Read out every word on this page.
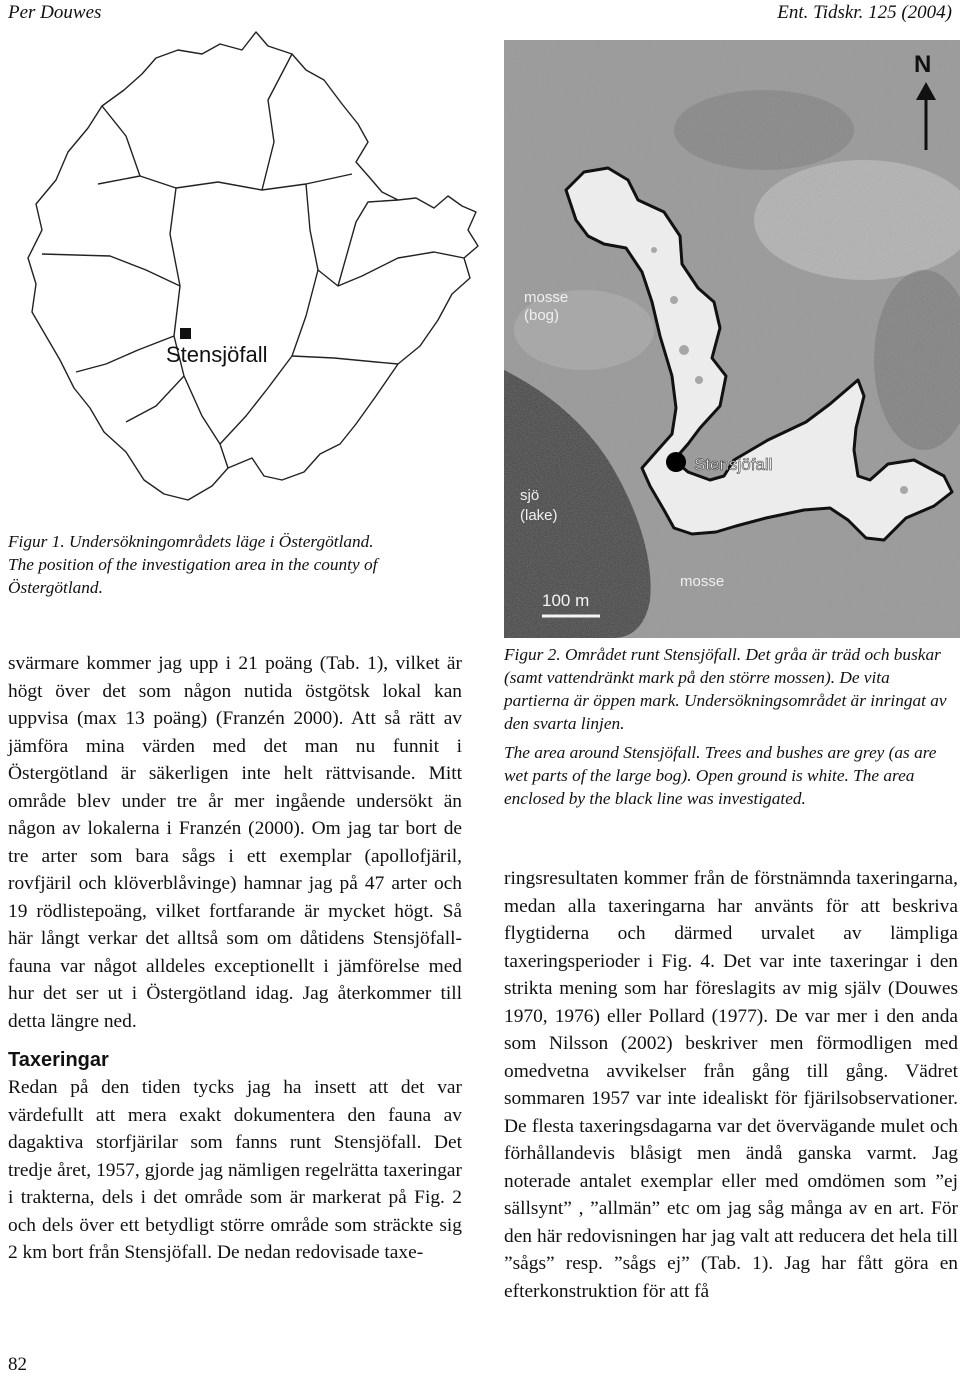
Per Douwes	Ent. Tidskr. 125 (2004)
Stensjöfall

Figur 1. Undersökningområdets läge i Östergötland.

The position of the investigation area in the county of Östergötland.

N
mosse
(bog)
sjö
(lake)
mosse
Stensjöfall
100 m

Figur 2. Området runt Stensjöfall. Det gråa är träd och buskar (samt vattendränkt mark på den större mossen). De vita partierna är öppen mark. Undersökningsområdet är inringat av den svarta linjen.

The area around Stensjöfall. Trees and bushes are grey (as are wet parts of the large bog). Open ground is white. The area enclosed by the black line was investigated.

svärmare kommer jag upp i 21 poäng (Tab. 1), vilket är högt över det som någon nutida östgötsk lokal kan uppvisa (max 13 poäng) (Franzén 2000). Att så rätt av jämföra mina värden med det man nu funnit i Östergötland är säkerligen inte helt rättvisande. Mitt område blev under tre år mer ingående undersökt än någon av lokalerna i Franzén (2000). Om jag tar bort de tre arter som bara sågs i ett exemplar (apollofjäril, rovfjäril och klöverblåvinge) hamnar jag på 47 arter och 19 rödlistepoäng, vilket fortfarande är mycket högt. Så här långt verkar det alltså som om dåtidens Stensjöfall-fauna var något alldeles exceptionellt i jämförelse med hur det ser ut i Östergötland idag. Jag återkommer till detta längre ned.

Taxeringar

Redan på den tiden tycks jag ha insett att det var värdefullt att mera exakt dokumentera den fauna av dagaktiva storfjärilar som fanns runt Stensjöfall. Det tredje året, 1957, gjorde jag nämligen regelrätta taxeringar i trakterna, dels i det område som är markerat på Fig. 2 och dels över ett betydligt större område som sträckte sig 2 km bort från Stensjöfall. De nedan redovisade taxe-

ringsresultaten kommer från de förstnämnda taxeringarna, medan alla taxeringarna har använts för att beskriva flygtiderna och därmed urvalet av lämpliga taxeringsperioder i Fig. 4. Det var inte taxeringar i den strikta mening som har föreslagits av mig själv (Douwes 1970, 1976) eller Pollard (1977). De var mer i den anda som Nilsson (2002) beskriver men förmodligen med omedvetna avvikelser från gång till gång. Vädret sommaren 1957 var inte idealiskt för fjärilsobservationer. De flesta taxeringsdagarna var det övervägande mulet och förhållandevis blåsigt men ändå ganska varmt. Jag noterade antalet exemplar eller med omdömen som ”ej sällsynt” , ”allmän” etc om jag såg många av en art. För den här redovisningen har jag valt att reducera det hela till ”sågs” resp. ”sågs ej” (Tab. 1). Jag har fått göra en efterkonstruktion för att få

82
